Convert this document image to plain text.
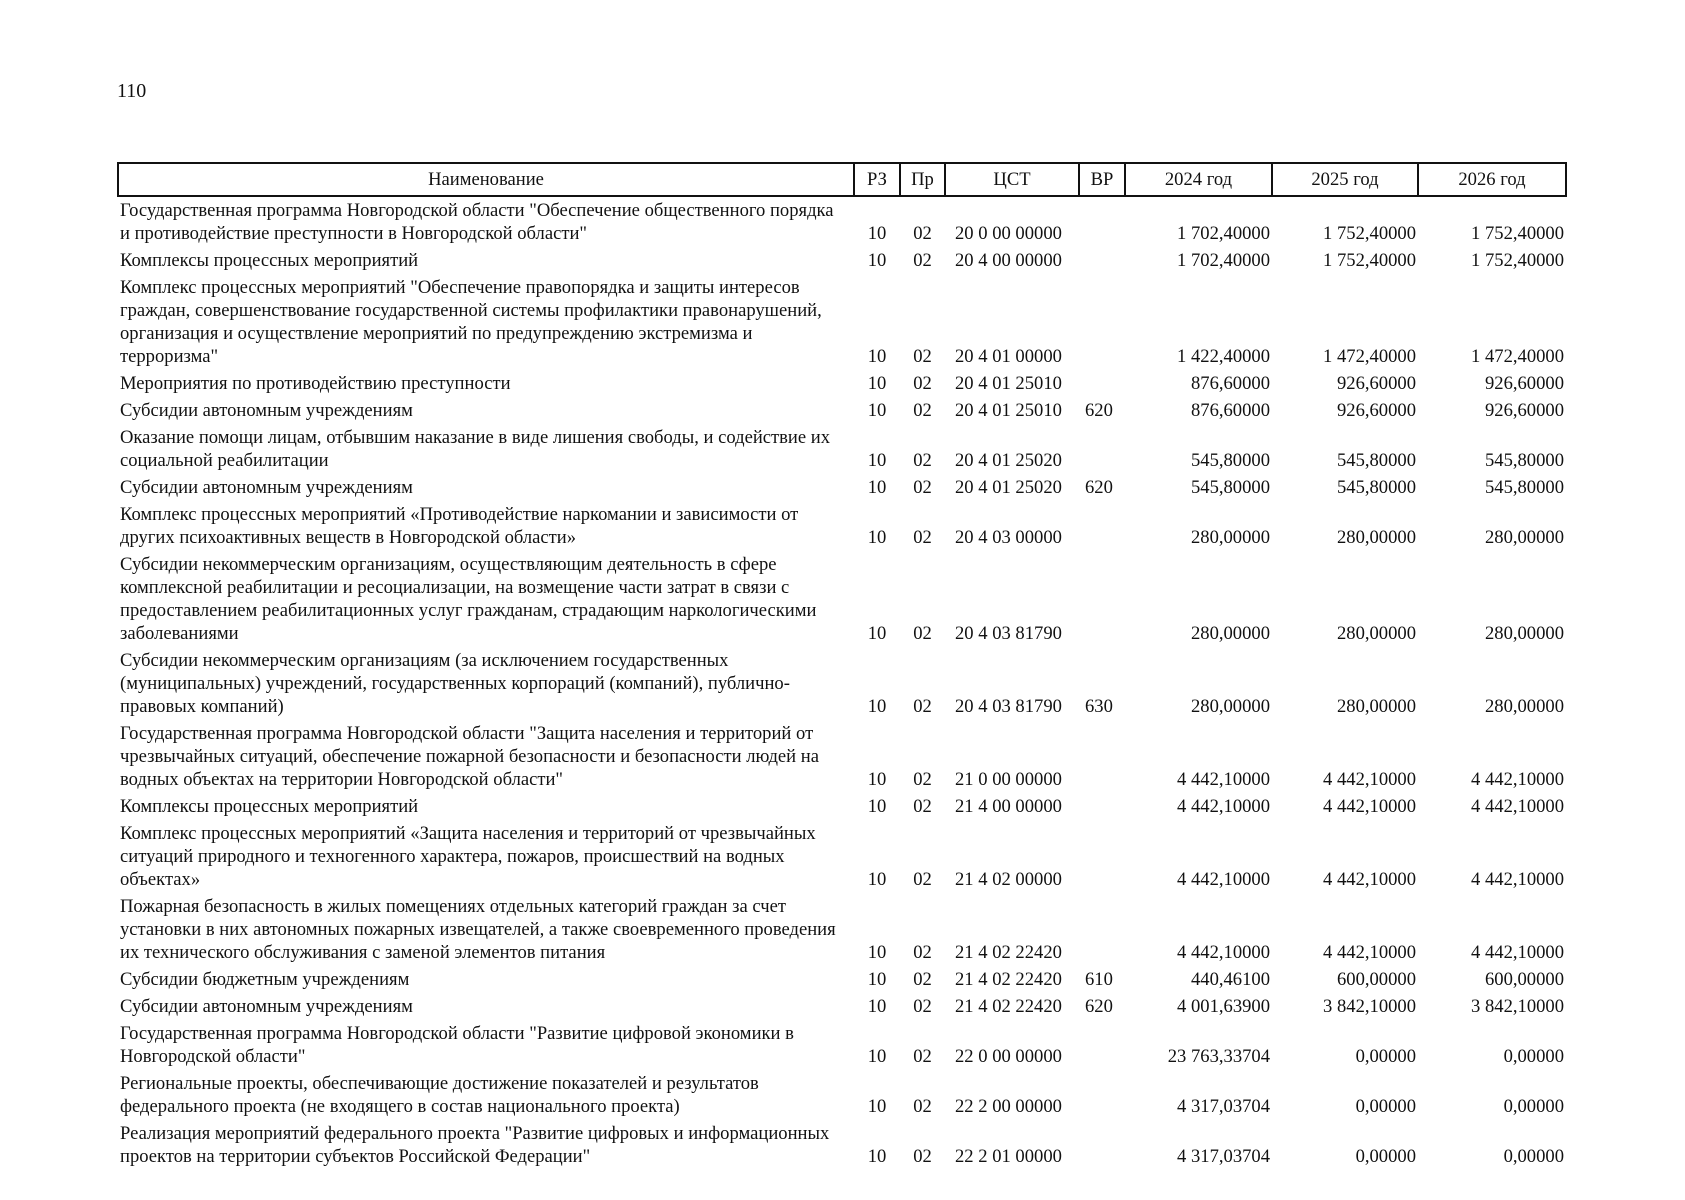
110
Наименование	РЗ	Пр	ЦСТ	ВР	2024 год	2025 год	2026 год
Государственная программа Новгородской области "Обеспечение общественного порядка и противодействие преступности в Новгородской области"	10	02	20 0 00 00000		1 702,40000	1 752,40000	1 752,40000
Комплексы процессных мероприятий	10	02	20 4 00 00000		1 702,40000	1 752,40000	1 752,40000
Комплекс процессных мероприятий "Обеспечение правопорядка и защиты интересов граждан, совершенствование государственной системы профилактики правонарушений, организация и осуществление мероприятий по предупреждению экстремизма и терроризма"	10	02	20 4 01 00000		1 422,40000	1 472,40000	1 472,40000
Мероприятия по противодействию преступности	10	02	20 4 01 25010		876,60000	926,60000	926,60000
Субсидии автономным учреждениям	10	02	20 4 01 25010	620	876,60000	926,60000	926,60000
Оказание помощи лицам, отбывшим наказание в виде лишения свободы, и содействие их социальной реабилитации	10	02	20 4 01 25020		545,80000	545,80000	545,80000
Субсидии автономным учреждениям	10	02	20 4 01 25020	620	545,80000	545,80000	545,80000
Комплекс процессных мероприятий «Противодействие наркомании и зависимости от других психоактивных веществ в Новгородской области»	10	02	20 4 03 00000		280,00000	280,00000	280,00000
Субсидии некоммерческим организациям, осуществляющим деятельность в сфере комплексной реабилитации и ресоциализации, на возмещение части затрат в связи с предоставлением реабилитационных услуг гражданам, страдающим наркологическими заболеваниями	10	02	20 4 03 81790		280,00000	280,00000	280,00000
Субсидии некоммерческим организациям (за исключением государственных (муниципальных) учреждений, государственных корпораций (компаний), публично-правовых компаний)	10	02	20 4 03 81790	630	280,00000	280,00000	280,00000
Государственная программа Новгородской области "Защита населения и территорий от чрезвычайных ситуаций, обеспечение пожарной безопасности и безопасности людей на водных объектах на территории Новгородской области"	10	02	21 0 00 00000		4 442,10000	4 442,10000	4 442,10000
Комплексы процессных мероприятий	10	02	21 4 00 00000		4 442,10000	4 442,10000	4 442,10000
Комплекс процессных мероприятий «Защита населения и территорий от чрезвычайных ситуаций природного и техногенного характера, пожаров, происшествий на водных объектах»	10	02	21 4 02 00000		4 442,10000	4 442,10000	4 442,10000
Пожарная безопасность в жилых помещениях отдельных категорий граждан за счет установки в них автономных пожарных извещателей, а также своевременного проведения их технического обслуживания с заменой элементов питания	10	02	21 4 02 22420		4 442,10000	4 442,10000	4 442,10000
Субсидии бюджетным учреждениям	10	02	21 4 02 22420	610	440,46100	600,00000	600,00000
Субсидии автономным учреждениям	10	02	21 4 02 22420	620	4 001,63900	3 842,10000	3 842,10000
Государственная программа Новгородской области "Развитие цифровой экономики в Новгородской области"	10	02	22 0 00 00000		23 763,33704	0,00000	0,00000
Региональные проекты, обеспечивающие достижение показателей и результатов федерального проекта (не входящего в состав национального проекта)	10	02	22 2 00 00000		4 317,03704	0,00000	0,00000
Реализация мероприятий федерального проекта "Развитие цифровых и информационных проектов на территории субъектов Российской Федерации"	10	02	22 2 01 00000		4 317,03704	0,00000	0,00000
